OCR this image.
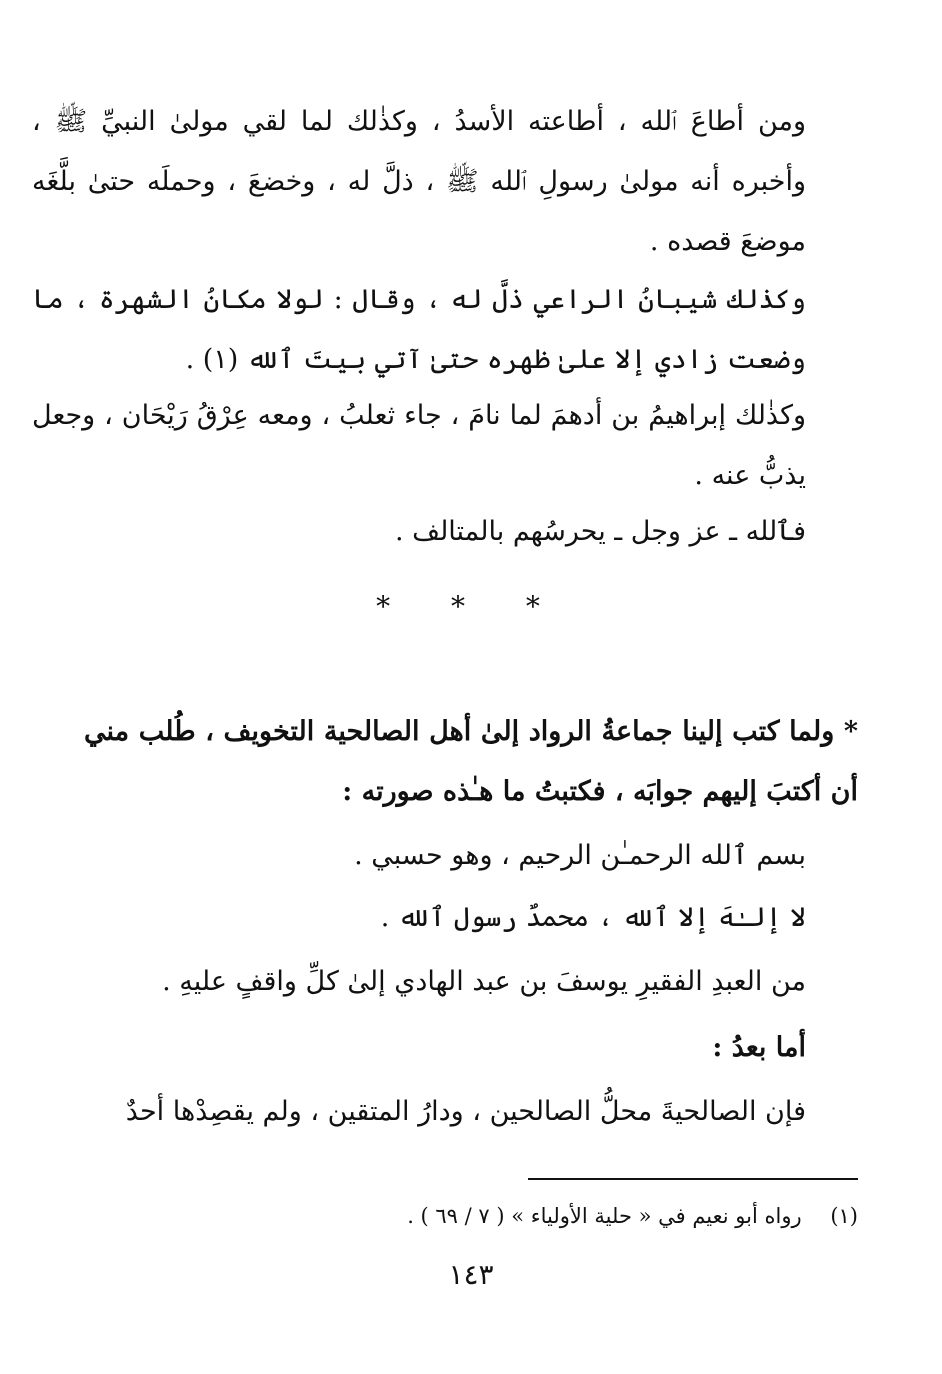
ومن أطاعَ ٱلله ، أطاعته الأسدُ ، وكذٰلك لما لقي مولىٰ النبيِّ ﷺ ، وأخبره أنه مولىٰ رسولِ ٱلله ﷺ ، ذلَّ له ، وخضعَ ، وحملَه حتىٰ بلَّغَه موضعَ قصده .
وكذٰلك شيبانُ الراعي ذلَّ له ، وقال : لولا مكانُ الشهرة ، ما وضعت زادي إلا علىٰ ظهره حتىٰ آتي بيتَ ٱلله (١) .
وكذٰلك إبراهيمُ بن أدهمَ لما نامَ ، جاء ثعلبُ ، ومعه عِرْقُ رَيْحَان ، وجعل يذبُّ عنه .
فٱلله ـ عز وجل ـ يحرسُهم بالمتالف .
* * *
* ولما كتب إلينا جماعةُ الرواد إلىٰ أهل الصالحية التخويف ، طُلب مني أن أكتبَ إليهم جوابَه ، فكتبتُ ما هـٰذه صورته :
بسم ٱلله الرحمـٰن الرحيم ، وهو حسبي .
لا إلـٰهَ إلا ٱلله ، محمدٌ رسول ٱلله .
من العبدِ الفقيرِ يوسفَ بن عبد الهادي إلىٰ كلِّ واقفٍ عليهِ .
أما بعدُ :
فإن الصالحيةَ محلُّ الصالحين ، ودارُ المتقين ، ولم يقصِدْها أحدٌ
(١) رواه أبو نعيم في « حلية الأولياء » ( ٧ / ٦٩ ) .
١٤٣
